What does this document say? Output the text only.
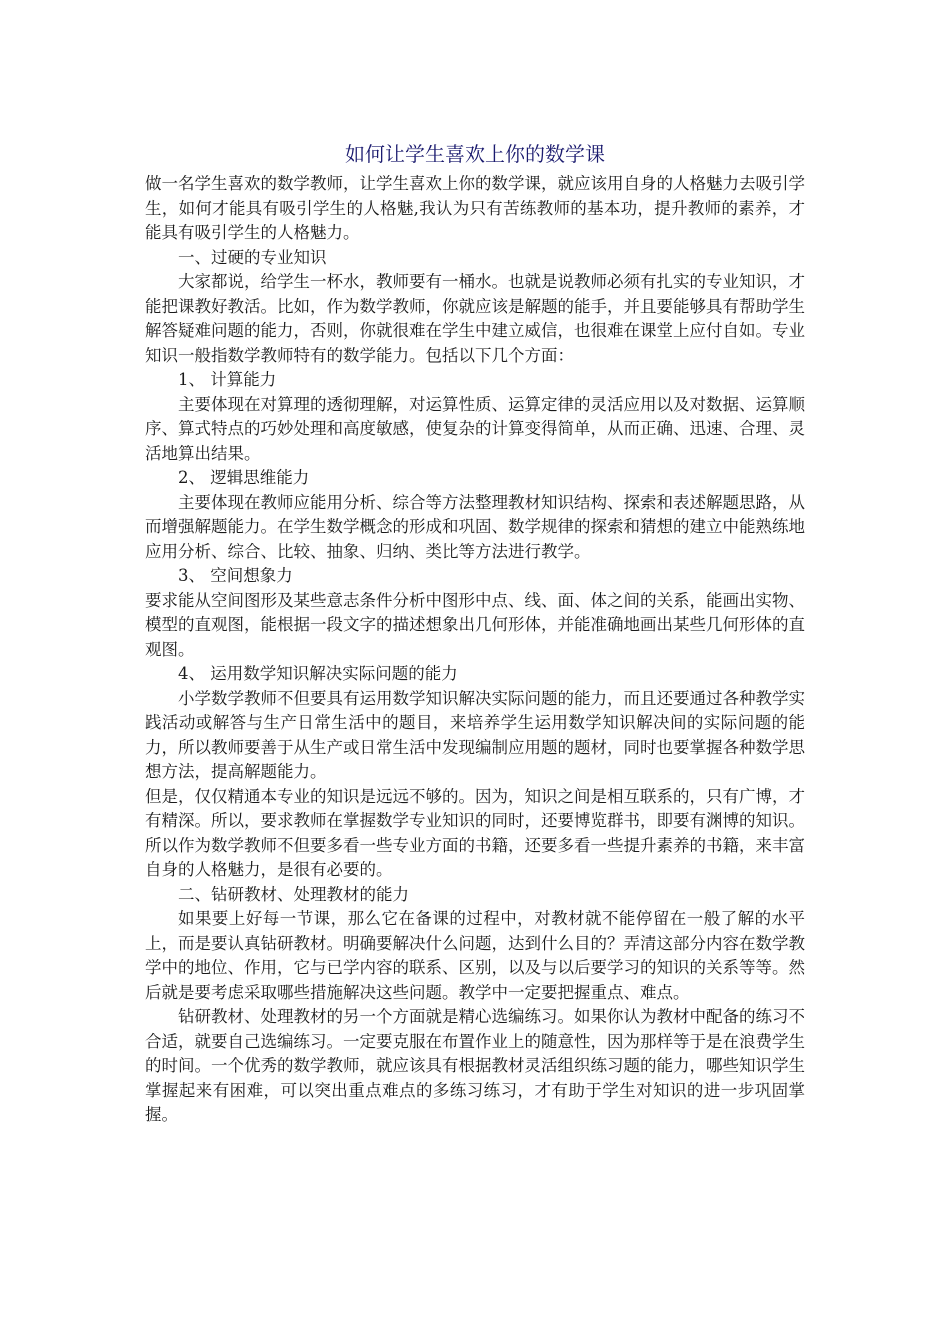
如何让学生喜欢上你的数学课

做一名学生喜欢的数学教师，让学生喜欢上你的数学课，就应该用自身的人格魅力去吸引学生，如何才能具有吸引学生的人格魅,我认为只有苦练教师的基本功，提升教师的素养，才能具有吸引学生的人格魅力。

一、过硬的专业知识

大家都说，给学生一杯水，教师要有一桶水。也就是说教师必须有扎实的专业知识，才能把课教好教活。比如，作为数学教师，你就应该是解题的能手，并且要能够具有帮助学生解答疑难问题的能力，否则，你就很难在学生中建立威信，也很难在课堂上应付自如。专业知识一般指数学教师特有的数学能力。包括以下几个方面：

1、 计算能力

主要体现在对算理的透彻理解，对运算性质、运算定律的灵活应用以及对数据、运算顺序、算式特点的巧妙处理和高度敏感，使复杂的计算变得简单，从而正确、迅速、合理、灵活地算出结果。

2、 逻辑思维能力

主要体现在教师应能用分析、综合等方法整理教材知识结构、探索和表述解题思路，从而增强解题能力。在学生数学概念的形成和巩固、数学规律的探索和猜想的建立中能熟练地应用分析、综合、比较、抽象、归纳、类比等方法进行教学。

3、 空间想象力

要求能从空间图形及某些意志条件分析中图形中点、线、面、体之间的关系，能画出实物、模型的直观图，能根据一段文字的描述想象出几何形体，并能准确地画出某些几何形体的直观图。

4、 运用数学知识解决实际问题的能力

小学数学教师不但要具有运用数学知识解决实际问题的能力，而且还要通过各种教学实践活动或解答与生产日常生活中的题目，来培养学生运用数学知识解决间的实际问题的能力，所以教师要善于从生产或日常生活中发现编制应用题的题材，同时也要掌握各种数学思想方法，提高解题能力。

但是，仅仅精通本专业的知识是远远不够的。因为，知识之间是相互联系的，只有广博，才有精深。所以，要求教师在掌握数学专业知识的同时，还要博览群书，即要有渊博的知识。所以作为数学教师不但要多看一些专业方面的书籍，还要多看一些提升素养的书籍，来丰富自身的人格魅力，是很有必要的。

二、钻研教材、处理教材的能力

如果要上好每一节课，那么它在备课的过程中，对教材就不能停留在一般了解的水平上，而是要认真钻研教材。明确要解决什么问题，达到什么目的？弄清这部分内容在数学教学中的地位、作用，它与已学内容的联系、区别，以及与以后要学习的知识的关系等等。然后就是要考虑采取哪些措施解决这些问题。教学中一定要把握重点、难点。

钻研教材、处理教材的另一个方面就是精心选编练习。如果你认为教材中配备的练习不合适，就要自己选编练习。一定要克服在布置作业上的随意性，因为那样等于是在浪费学生的时间。一个优秀的数学教师，就应该具有根据教材灵活组织练习题的能力，哪些知识学生掌握起来有困难，可以突出重点难点的多练习练习，才有助于学生对知识的进一步巩固掌握。
